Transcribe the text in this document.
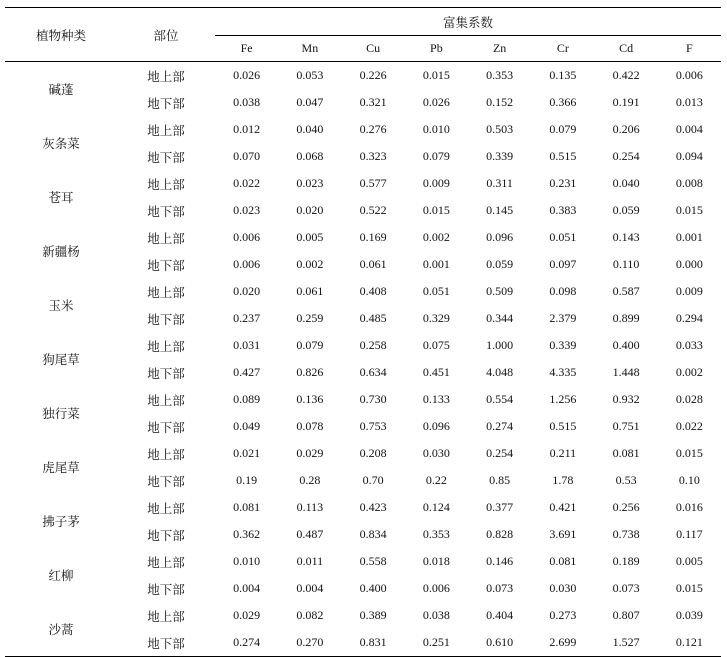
植物种类	部位	富集系数							
		Fe	Mn	Cu	Pb	Zn	Cr	Cd	F
碱蓬	地上部	0.026	0.053	0.226	0.015	0.353	0.135	0.422	0.006
	地下部	0.038	0.047	0.321	0.026	0.152	0.366	0.191	0.013
灰条菜	地上部	0.012	0.040	0.276	0.010	0.503	0.079	0.206	0.004
	地下部	0.070	0.068	0.323	0.079	0.339	0.515	0.254	0.094
苍耳	地上部	0.022	0.023	0.577	0.009	0.311	0.231	0.040	0.008
	地下部	0.023	0.020	0.522	0.015	0.145	0.383	0.059	0.015
新疆杨	地上部	0.006	0.005	0.169	0.002	0.096	0.051	0.143	0.001
	地下部	0.006	0.002	0.061	0.001	0.059	0.097	0.110	0.000
玉米	地上部	0.020	0.061	0.408	0.051	0.509	0.098	0.587	0.009
	地下部	0.237	0.259	0.485	0.329	0.344	2.379	0.899	0.294
狗尾草	地上部	0.031	0.079	0.258	0.075	1.000	0.339	0.400	0.033
	地下部	0.427	0.826	0.634	0.451	4.048	4.335	1.448	0.002
独行菜	地上部	0.089	0.136	0.730	0.133	0.554	1.256	0.932	0.028
	地下部	0.049	0.078	0.753	0.096	0.274	0.515	0.751	0.022
虎尾草	地上部	0.021	0.029	0.208	0.030	0.254	0.211	0.081	0.015
	地下部	0.19	0.28	0.70	0.22	0.85	1.78	0.53	0.10
拂子茅	地上部	0.081	0.113	0.423	0.124	0.377	0.421	0.256	0.016
	地下部	0.362	0.487	0.834	0.353	0.828	3.691	0.738	0.117
红柳	地上部	0.010	0.011	0.558	0.018	0.146	0.081	0.189	0.005
	地下部	0.004	0.004	0.400	0.006	0.073	0.030	0.073	0.015
沙蒿	地上部	0.029	0.082	0.389	0.038	0.404	0.273	0.807	0.039
	地下部	0.274	0.270	0.831	0.251	0.610	2.699	1.527	0.121
